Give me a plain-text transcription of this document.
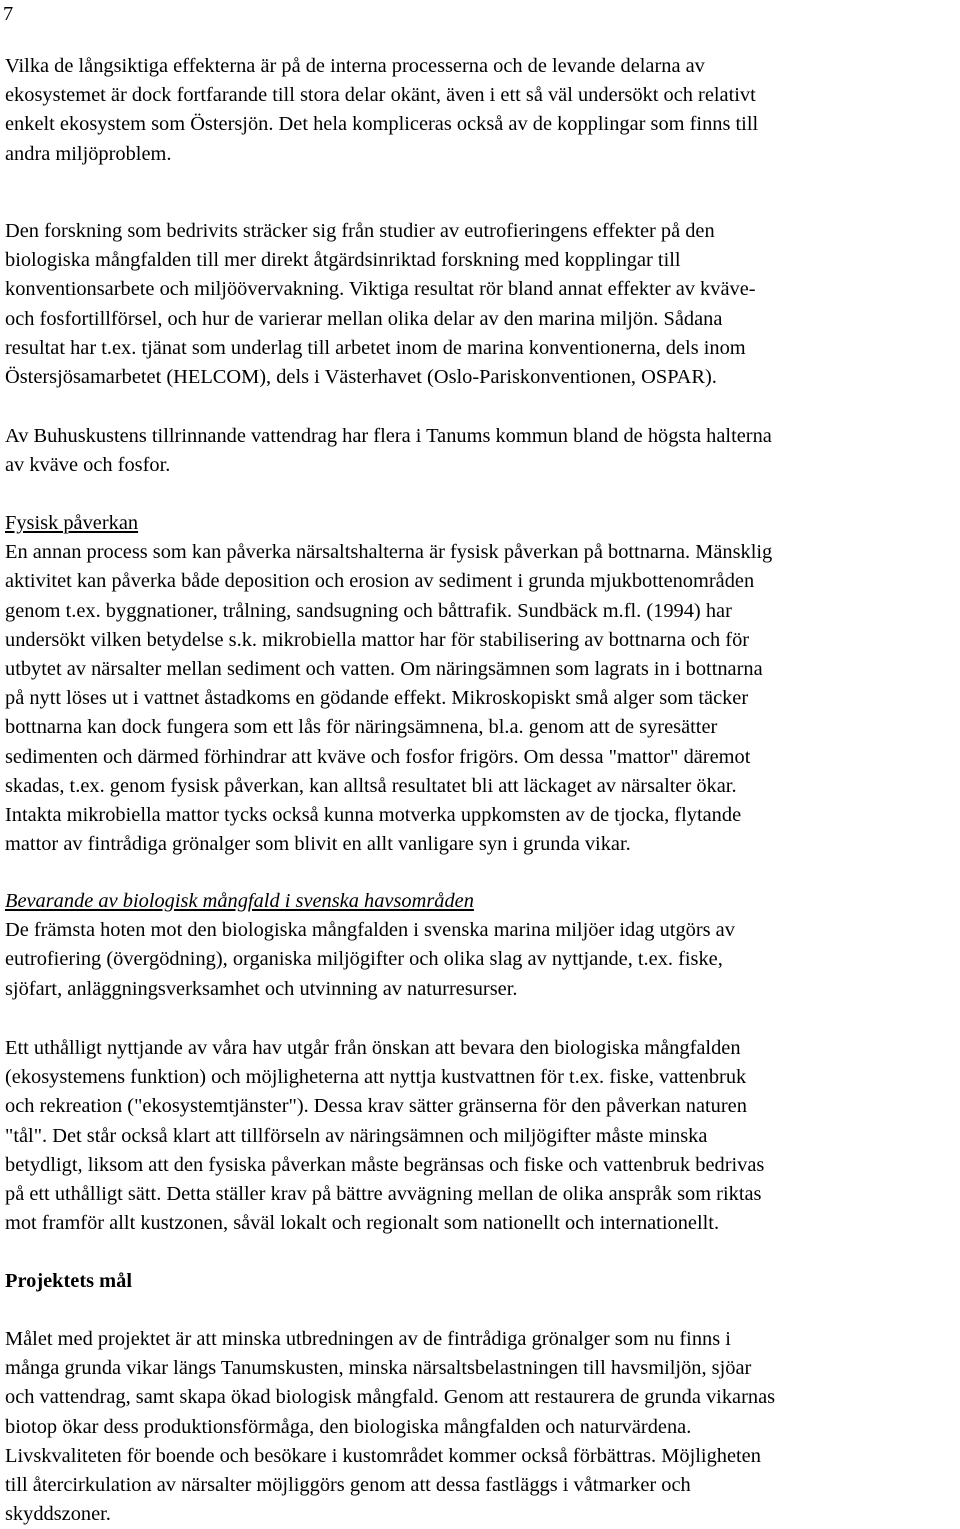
7
Vilka de långsiktiga effekterna är på de interna processerna och de levande delarna av
ekosystemet är dock fortfarande till stora delar okänt, även i ett så väl undersökt och relativt
enkelt ekosystem som Östersjön. Det hela kompliceras också av de kopplingar som finns till
andra miljöproblem.
Den forskning som bedrivits sträcker sig från studier av eutrofieringens effekter på den
biologiska mångfalden till mer direkt åtgärdsinriktad forskning med kopplingar till
konventionsarbete och miljöövervakning. Viktiga resultat rör bland annat effekter av kväve-
och fosfortillförsel, och hur de varierar mellan olika delar av den marina miljön. Sådana
resultat har t.ex. tjänat som underlag till arbetet inom de marina konventionerna, dels inom
Östersjösamarbetet (HELCOM), dels i Västerhavet (Oslo-Pariskonventionen, OSPAR).
Av Buhuskustens tillrinnande vattendrag har flera i Tanums kommun bland de högsta halterna
av kväve och fosfor.
Fysisk påverkan
En annan process som kan påverka närsaltshalterna är fysisk påverkan på bottnarna. Mänsklig
aktivitet kan påverka både deposition och erosion av sediment i grunda mjukbottenområden
genom t.ex. byggnationer, trålning, sandsugning och båttrafik. Sundbäck m.fl. (1994) har
undersökt vilken betydelse s.k. mikrobiella mattor har för stabilisering av bottnarna och för
utbytet av närsalter mellan sediment och vatten. Om näringsämnen som lagrats in i bottnarna
på nytt löses ut i vattnet åstadkoms en gödande effekt. Mikroskopiskt små alger som täcker
bottnarna kan dock fungera som ett lås för näringsämnena, bl.a. genom att de syresätter
sedimenten och därmed förhindrar att kväve och fosfor frigörs. Om dessa "mattor" däremot
skadas, t.ex. genom fysisk påverkan, kan alltså resultatet bli att läckaget av närsalter ökar.
Intakta mikrobiella mattor tycks också kunna motverka uppkomsten av de tjocka, flytande
mattor av fintrådiga grönalger som blivit en allt vanligare syn i grunda vikar.
Bevarande av biologisk mångfald i svenska havsområden
De främsta hoten mot den biologiska mångfalden i svenska marina miljöer idag utgörs av
eutrofiering (övergödning), organiska miljögifter och olika slag av nyttjande, t.ex. fiske,
sjöfart, anläggningsverksamhet och utvinning av naturresurser.
Ett uthålligt nyttjande av våra hav utgår från önskan att bevara den biologiska mångfalden
(ekosystemens funktion) och möjligheterna att nyttja kustvattnen för t.ex. fiske, vattenbruk
och rekreation ("ekosystemtjänster"). Dessa krav sätter gränserna för den påverkan naturen
"tål". Det står också klart att tillförseln av näringsämnen och miljögifter måste minska
betydligt, liksom att den fysiska påverkan måste begränsas och fiske och vattenbruk bedrivas
på ett uthålligt sätt. Detta ställer krav på bättre avvägning mellan de olika anspråk som riktas
mot framför allt kustzonen, såväl lokalt och regionalt som nationellt och internationellt.
Projektets mål
Målet med projektet är att minska utbredningen av de fintrådiga grönalger som nu finns i
många grunda vikar längs Tanumskusten, minska närsaltsbelastningen till havsmiljön, sjöar
och vattendrag, samt skapa ökad biologisk mångfald. Genom att restaurera de grunda vikarnas
biotop ökar dess produktionsförmåga, den biologiska mångfalden och naturvärdena.
Livskvaliteten för boende och besökare i kustområdet kommer också förbättras. Möjligheten
till återcirkulation av närsalter möjliggörs genom att dessa fastläggs i våtmarker och
skyddszoner.
